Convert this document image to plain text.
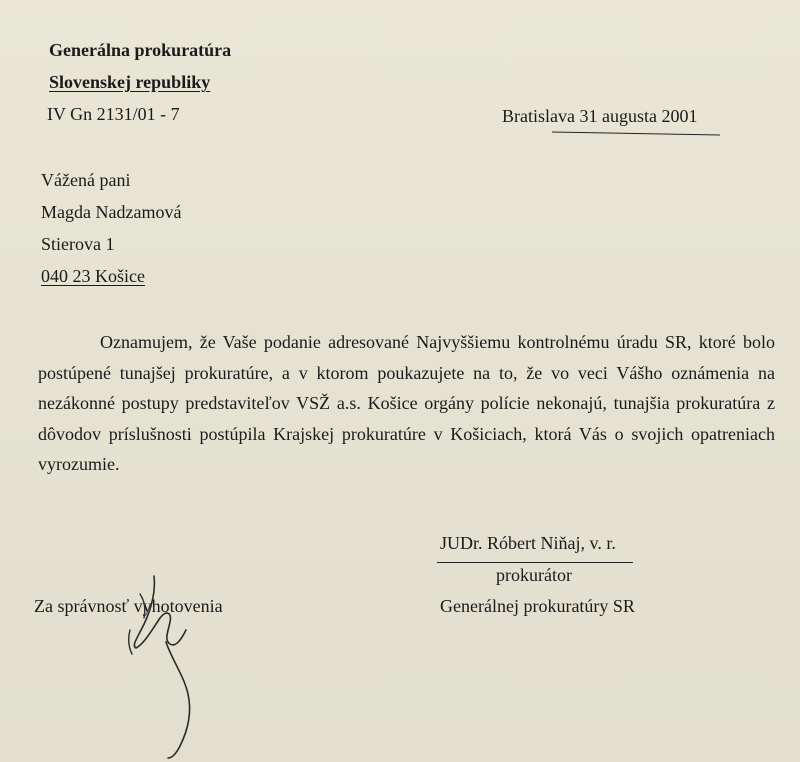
Generálna prokuratúra

Slovenskej republiky

IV Gn 2131/01 - 7	Bratislava 31 augusta 2001

Vážená pani

Magda Nadzamová

Stierova 1

040 23 Košice

Oznamujem, že Vaše podanie adresované Najvyššiemu kontrolnému úradu SR, ktoré bolo postúpené tunajšej prokuratúre, a v ktorom poukazujete na to, že vo veci Vášho oznámenia na nezákonné postupy predstaviteľov VSŽ a.s. Košice orgány polície nekonajú, tunajšia prokuratúra z dôvodov príslušnosti postúpila Krajskej prokuratúre v Košiciach, ktorá Vás o svojich opatreniach vyrozumie.

JUDr. Róbert Niňaj, v. r.

prokurátor

Generálnej prokuratúry SR

Za správnosť vyhotovenia
